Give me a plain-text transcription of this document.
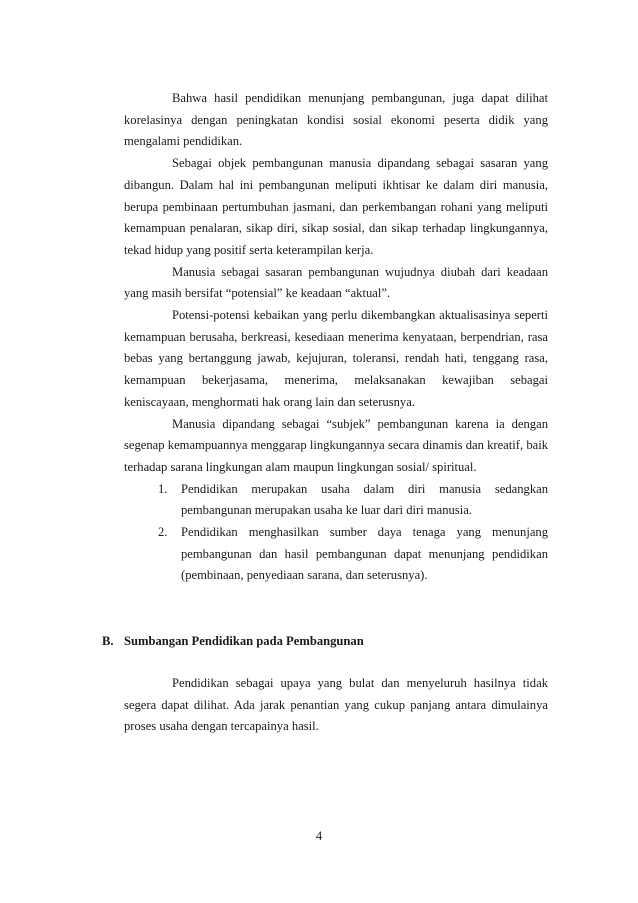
Bahwa hasil pendidikan menunjang pembangunan, juga dapat dilihat korelasinya dengan peningkatan kondisi sosial ekonomi peserta didik yang mengalami pendidikan.

Sebagai objek pembangunan manusia dipandang sebagai sasaran yang dibangun. Dalam hal ini pembangunan meliputi ikhtisar ke dalam diri manusia, berupa pembinaan pertumbuhan jasmani, dan perkembangan rohani yang meliputi kemampuan penalaran, sikap diri, sikap sosial, dan sikap terhadap lingkungannya, tekad hidup yang positif serta keterampilan kerja.

Manusia sebagai sasaran pembangunan wujudnya diubah dari keadaan yang masih bersifat “potensial” ke keadaan “aktual”.

Potensi-potensi kebaikan yang perlu dikembangkan aktualisasinya seperti kemampuan berusaha, berkreasi, kesediaan menerima kenyataan, berpendrian, rasa bebas yang bertanggung jawab, kejujuran, toleransi, rendah hati, tenggang rasa, kemampuan bekerjasama, menerima, melaksanakan kewajiban sebagai keniscayaan, menghormati hak orang lain dan seterusnya.

Manusia dipandang sebagai “subjek” pembangunan karena ia dengan segenap kemampuannya menggarap lingkungannya secara dinamis dan kreatif, baik terhadap sarana lingkungan alam maupun lingkungan sosial/ spiritual.

1. Pendidikan merupakan usaha dalam diri manusia sedangkan pembangunan merupakan usaha ke luar dari diri manusia.
2. Pendidikan menghasilkan sumber daya tenaga yang menunjang pembangunan dan hasil pembangunan dapat menunjang pendidikan (pembinaan, penyediaan sarana, dan seterusnya).
B. Sumbangan Pendidikan pada Pembangunan

Pendidikan sebagai upaya yang bulat dan menyeluruh hasilnya tidak segera dapat dilihat. Ada jarak penantian yang cukup panjang antara dimulainya proses usaha dengan tercapainya hasil.

4
